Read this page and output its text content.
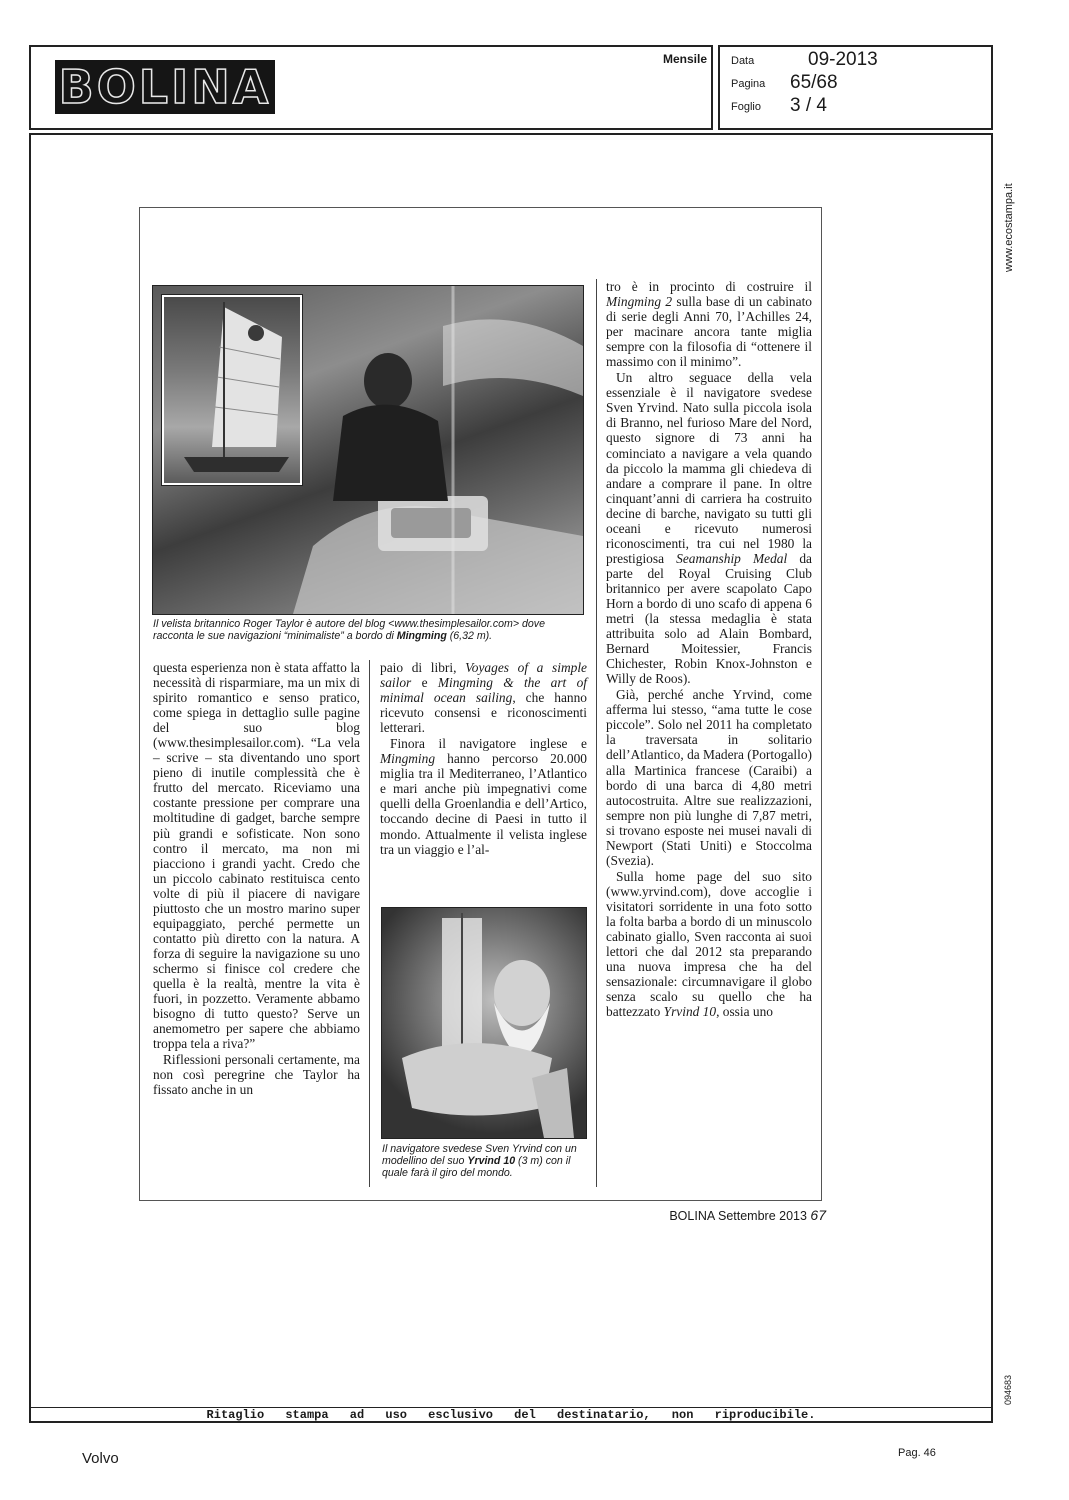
BOLINA
Mensile Data	09-2013
Pagina 65/68
Foglio 3 / 4
www.ecostampa.it
094683
Il velista britannico Roger Taylor è autore del blog <www.thesimplesailor.com> dove racconta le sue navigazioni “minimaliste” a bordo di Mingming (6,32 m).

questa esperienza non è stata affatto la necessità di risparmiare, ma un mix di spirito romantico e senso pratico, come spiega in dettaglio sulle pagine del suo blog (www.thesimplesailor.com). “La vela – scrive – sta diventando uno sport pieno di inutile complessità che è frutto del mercato. Riceviamo una costante pressione per comprare una moltitudine di gadget, barche sempre più grandi e sofisticate. Non sono contro il mercato, ma non mi piacciono i grandi yacht. Credo che un piccolo cabinato restituisca cento volte di più il piacere di navigare piuttosto che un mostro marino super equipaggiato, perché permette un contatto più diretto con la natura. A forza di seguire la navigazione su uno schermo si finisce col credere che quella è la realtà, mentre la vita è fuori, in pozzetto. Veramente abbamo bisogno di tutto questo? Serve un anemometro per sapere che abbiamo troppa tela a riva?”

Riflessioni personali certamente, ma non così peregrine che Taylor ha fissato anche in un

paio di libri, Voyages of a simple sailor e Mingming & the art of minimal ocean sailing, che hanno ricevuto consensi e riconoscimenti letterari.

Finora il navigatore inglese e Mingming hanno percorso 20.000 miglia tra il Mediterraneo, l’Atlantico e mari anche più impegnativi come quelli della Groenlandia e dell’Artico, toccando decine di Paesi in tutto il mondo. Attualmente il velista inglese tra un viaggio e l’al-

Il navigatore svedese Sven Yrvind con un modellino del suo Yrvind 10 (3 m) con il quale farà il giro del mondo.

tro è in procinto di costruire il Mingming 2 sulla base di un cabinato di serie degli Anni 70, l’Achilles 24, per macinare ancora tante miglia sempre con la filosofia di “ottenere il massimo con il minimo”.

Un altro seguace della vela essenziale è il navigatore svedese Sven Yrvind. Nato sulla piccola isola di Branno, nel furioso Mare del Nord, questo signore di 73 anni ha cominciato a navigare a vela quando da piccolo la mamma gli chiedeva di andare a comprare il pane. In oltre cinquant’anni di carriera ha costruito decine di barche, navigato su tutti gli oceani e ricevuto numerosi riconoscimenti, tra cui nel 1980 la prestigiosa Seamanship Medal da parte del Royal Cruising Club britannico per avere scapolato Capo Horn a bordo di uno scafo di appena 6 metri (la stessa medaglia è stata attribuita solo ad Alain Bombard, Bernard Moitessier, Francis Chichester, Robin Knox-Johnston e Willy de Roos).

Già, perché anche Yrvind, come afferma lui stesso, “ama tutte le cose piccole”. Solo nel 2011 ha completato la traversata in solitario dell’Atlantico, da Madera (Portogallo) alla Martinica francese (Caraibi) a bordo di una barca di 4,80 metri autocostruita. Altre sue realizzazioni, sempre non più lunghe di 7,87 metri, si trovano esposte nei musei navali di Newport (Stati Uniti) e Stoccolma (Svezia).

Sulla home page del suo sito (www.yrvind.com), dove accoglie i visitatori sorridente in una foto sotto la folta barba a bordo di un minuscolo cabinato giallo, Sven racconta ai suoi lettori che dal 2012 sta preparando una nuova impresa che ha del sensazionale: circumnavigare il globo senza scalo su quello che ha battezzato Yrvind 10, ossia uno

BOLINA Settembre 2013 67
Ritaglio stampa ad uso esclusivo del destinatario, non riproducibile.
Volvo	Pag. 46
